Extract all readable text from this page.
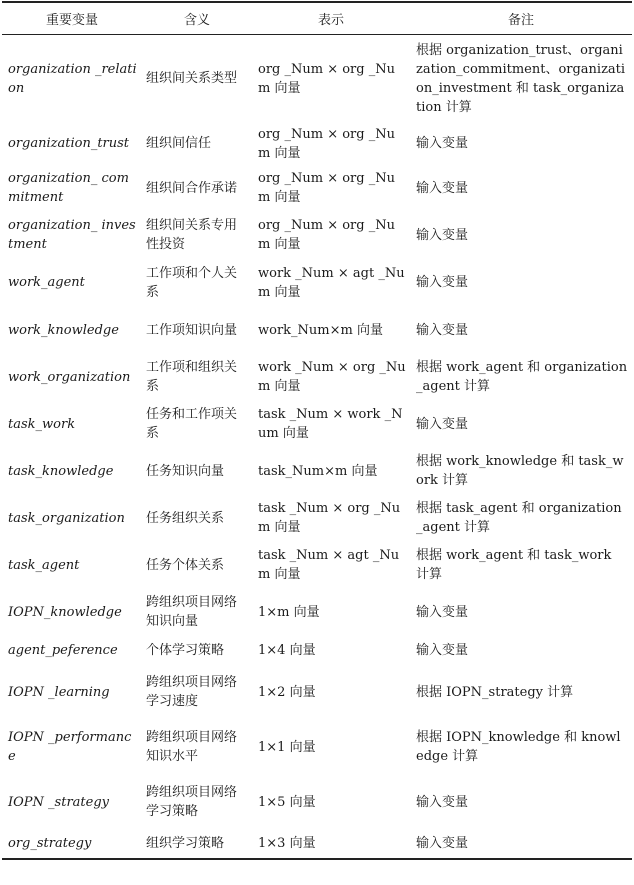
重要变量	含义	表示	备注
organization _relation	组织间关系类型	org _Num × org _Num 向量	根据 organization_trust、organization_commitment、organization_investment 和 task_organization 计算
organization_trust	组织间信任	org _Num × org _Num 向量	输入变量
organization_ commitment	组织间合作承诺	org _Num × org _Num 向量	输入变量
organization_ investment	组织间关系专用性投资	org _Num × org _Num 向量	输入变量
work_agent	工作项和个人关系	work _Num × agt _Num 向量	输入变量
work_knowledge	工作项知识向量	work_Num×m 向量	输入变量
work_organization	工作项和组织关系	work _Num × org _Num 向量	根据 work_agent 和 organization_agent 计算
task_work	任务和工作项关系	task _Num × work _Num 向量	输入变量
task_knowledge	任务知识向量	task_Num×m 向量	根据 work_knowledge 和 task_work 计算
task_organization	任务组织关系	task _Num × org _Num 向量	根据 task_agent 和 organization_agent 计算
task_agent	任务个体关系	task _Num × agt _Num 向量	根据 work_agent 和 task_work 计算
IOPN_knowledge	跨组织项目网络知识向量	1×m 向量	输入变量
agent_peference	个体学习策略	1×4 向量	输入变量
IOPN _learning	跨组织项目网络学习速度	1×2 向量	根据 IOPN_strategy 计算
IOPN _performance	跨组织项目网络知识水平	1×1 向量	根据 IOPN_knowledge 和 knowledge 计算
IOPN _strategy	跨组织项目网络学习策略	1×5 向量	输入变量
org_strategy	组织学习策略	1×3 向量	输入变量
